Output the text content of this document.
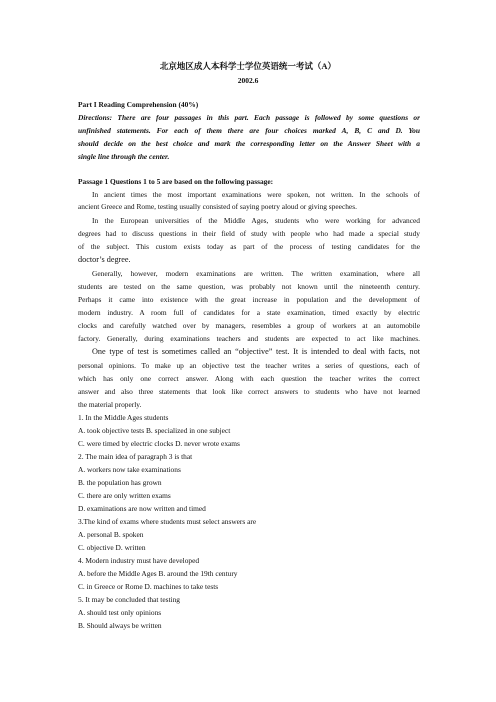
北京地区成人本科学士学位英语统一考试（A）
2002.6
Part I Reading Comprehension (40%)
Directions: There are four passages in this part. Each passage is followed by some questions or
unfinished statements. For each of them there are four choices marked A, B, C and D. You
should decide on the best choice and mark the corresponding letter on the Answer Sheet with a
single line through the center.
Passage 1 Questions 1 to 5 are based on the following passage:
In ancient times the most important examinations were spoken, not written. In the schools of
ancient Greece and Rome, testing usually consisted of saying poetry aloud or giving speeches.
In the European universities of the Middle Ages, students who were working for advanced
degrees had to discuss questions in their field of study with people who had made a special study
of the subject. This custom exists today as part of the process of testing candidates for the
doctor’s degree.
Generally, however, modern examinations are written. The written examination, where all
students are tested on the same question, was probably not known until the nineteenth century.
Perhaps it came into existence with the great increase in population and the development of
modern industry. A room full of candidates for a state examination, timed exactly by electric
clocks and carefully watched over by managers, resembles a group of workers at an automobile
factory. Generally, during examinations teachers and students are expected to act like machines.
One type of test is sometimes called an “objective” test. It is intended to deal with facts, not
personal opinions. To make up an objective test the teacher writes a series of questions, each of
which has only one correct answer. Along with each question the teacher writes the correct
answer and also three statements that look like correct answers to students who have not learned
the material properly.
1. In the Middle Ages students
A. took objective tests B. specialized in one subject
C. were timed by electric clocks D. never wrote exams
2. The main idea of paragraph 3 is that
A. workers now take examinations
B. the population has grown
C. there are only written exams
D. examinations are now written and timed
3.The kind of exams where students must select answers are
A. personal B. spoken
C. objective D. written
4. Modern industry must have developed
A. before the Middle Ages B. around the 19th century
C. in Greece or Rome D. machines to take tests
5. It may be concluded that testing
A. should test only opinions
B. Should always be written
